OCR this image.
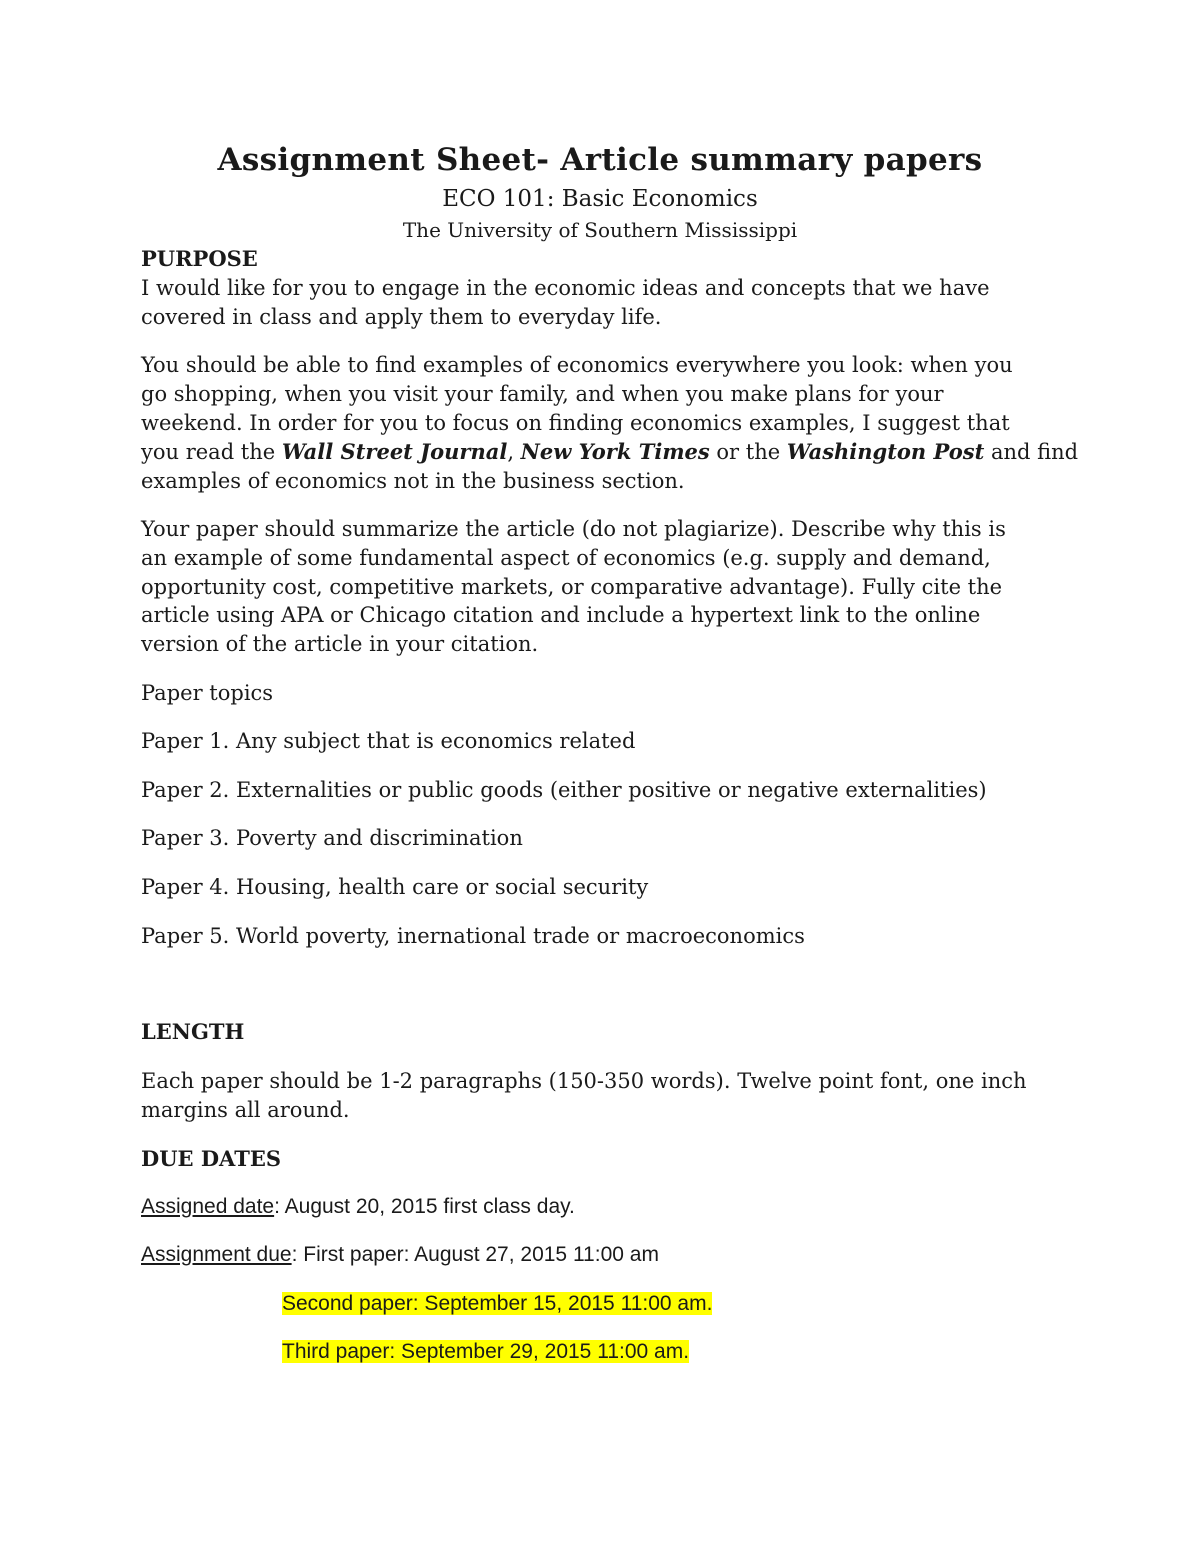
Assignment Sheet- Article summary papers
ECO 101: Basic Economics
The University of Southern Mississippi
PURPOSE
I would like for you to engage in the economic ideas and concepts that we have
covered in class and apply them to everyday life.
You should be able to find examples of economics everywhere you look: when you
go shopping, when you visit your family, and when you make plans for your
weekend. In order for you to focus on finding economics examples, I suggest that
you read the Wall Street Journal, New York Times or the Washington Post and find
examples of economics not in the business section.
Your paper should summarize the article (do not plagiarize). Describe why this is
an example of some fundamental aspect of economics (e.g. supply and demand,
opportunity cost, competitive markets, or comparative advantage). Fully cite the
article using APA or Chicago citation and include a hypertext link to the online
version of the article in your citation.
Paper topics
Paper 1. Any subject that is economics related
Paper 2. Externalities or public goods (either positive or negative externalities)
Paper 3. Poverty and discrimination
Paper 4. Housing, health care or social security
Paper 5. World poverty, inernational trade or macroeconomics
LENGTH
Each paper should be 1-2 paragraphs (150-350 words). Twelve point font, one inch
margins all around.
DUE DATES
Assigned date: August 20, 2015 first class day.
Assignment due: First paper: August 27, 2015 11:00 am
Second paper: September 15, 2015 11:00 am.
Third paper: September 29, 2015 11:00 am.
